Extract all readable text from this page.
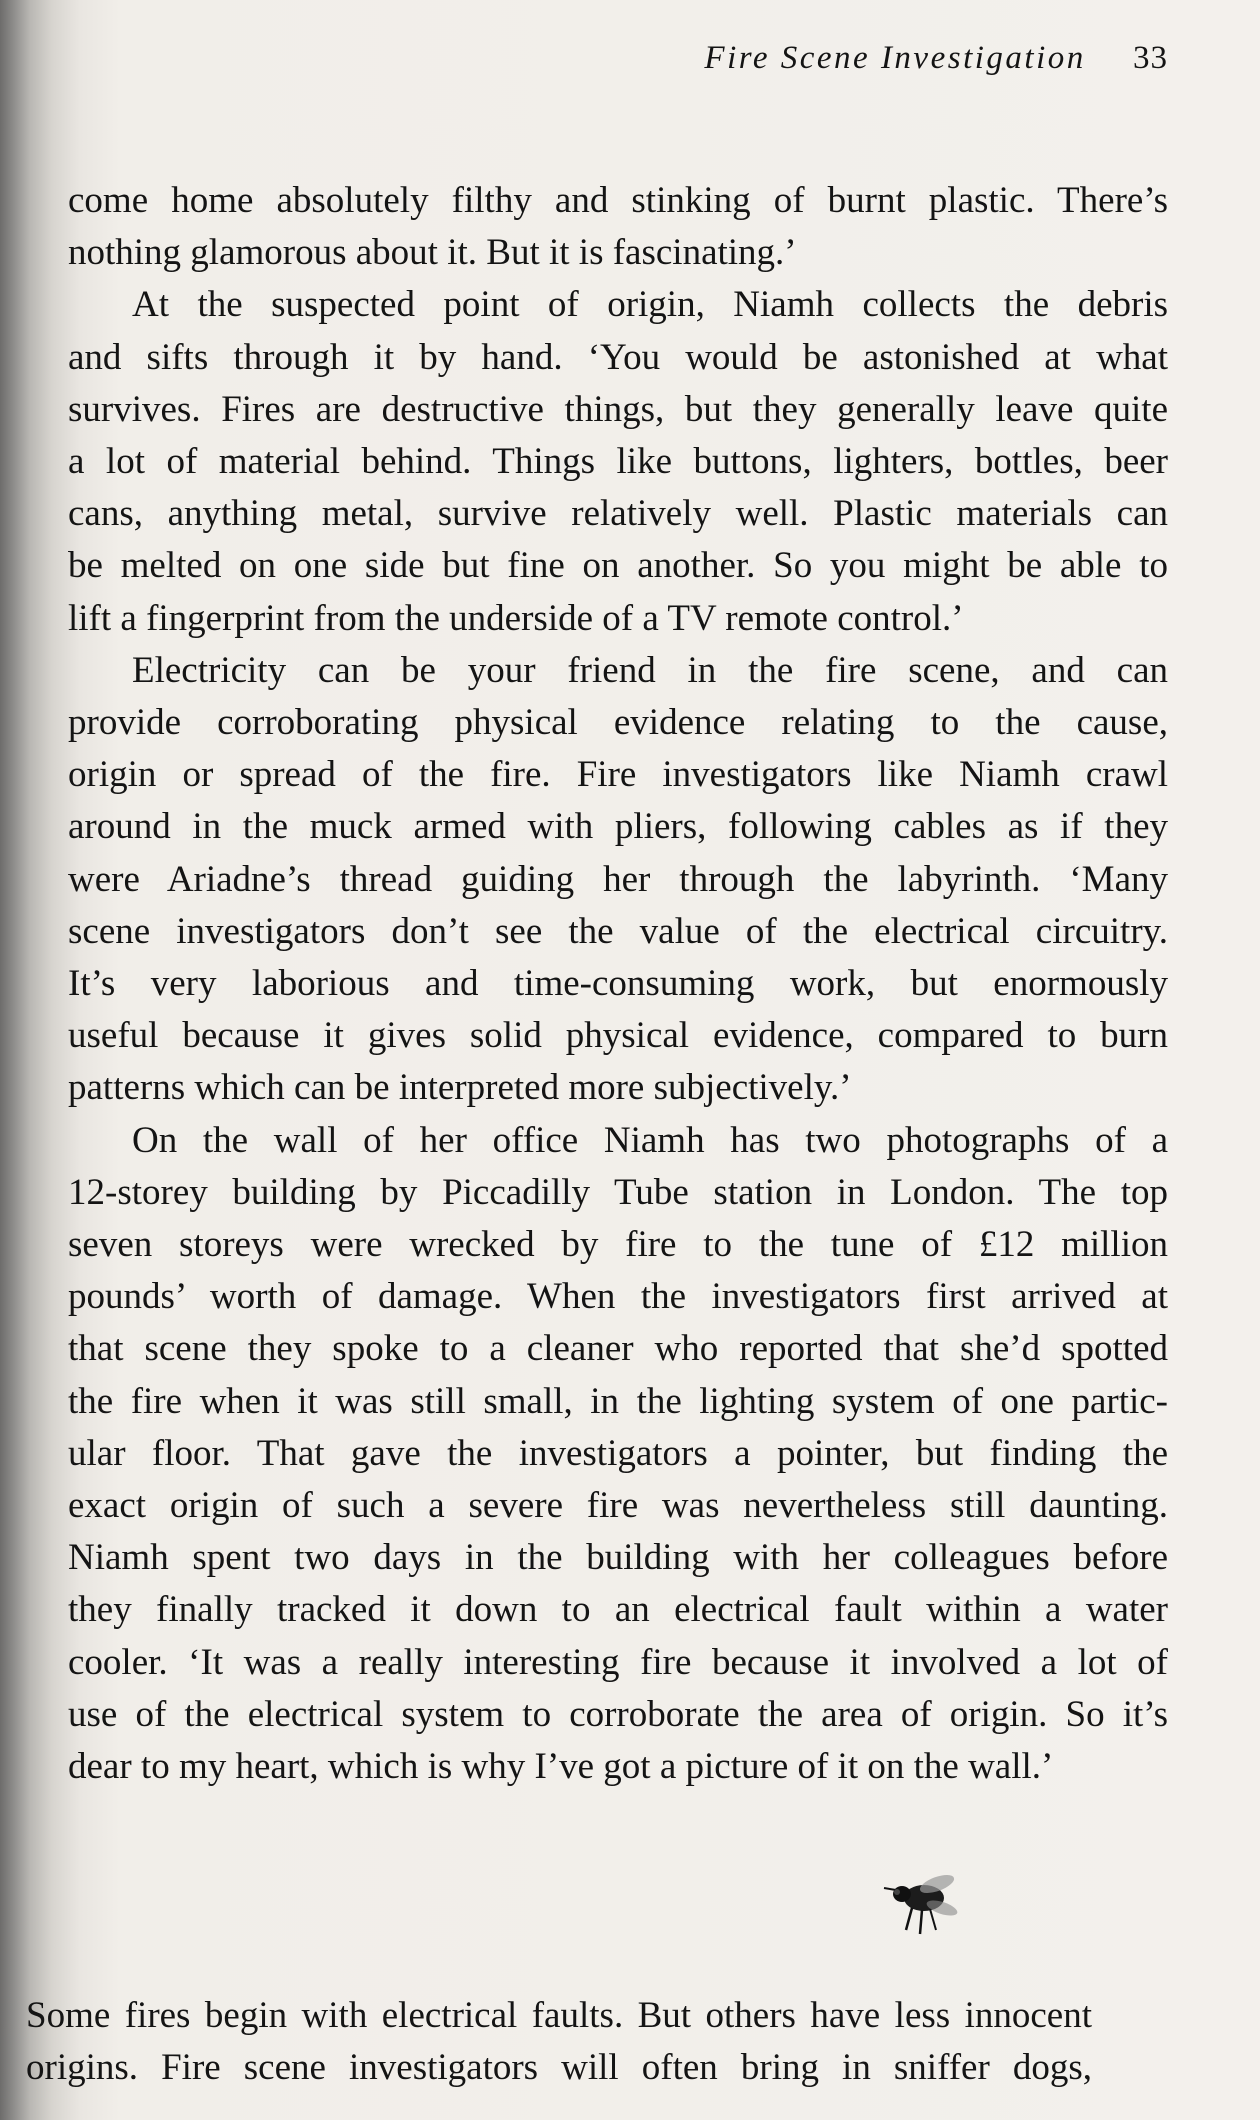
Fire Scene Investigation 33

come home absolutely filthy and stinking of burnt plastic. There’s
nothing glamorous about it. But it is fascinating.’

At the suspected point of origin, Niamh collects the debris
and sifts through it by hand. ‘You would be astonished at what
survives. Fires are destructive things, but they generally leave quite
a lot of material behind. Things like buttons, lighters, bottles, beer
cans, anything metal, survive relatively well. Plastic materials can
be melted on one side but fine on another. So you might be able to
lift a fingerprint from the underside of a TV remote control.’

Electricity can be your friend in the fire scene, and can
provide corroborating physical evidence relating to the cause,
origin or spread of the fire. Fire investigators like Niamh crawl
around in the muck armed with pliers, following cables as if they
were Ariadne’s thread guiding her through the labyrinth. ‘Many
scene investigators don’t see the value of the electrical circuitry.
It’s very laborious and time-consuming work, but enormously
useful because it gives solid physical evidence, compared to burn
patterns which can be interpreted more subjectively.’

On the wall of her office Niamh has two photographs of a
12-storey building by Piccadilly Tube station in London. The top
seven storeys were wrecked by fire to the tune of £12 million
pounds’ worth of damage. When the investigators first arrived at
that scene they spoke to a cleaner who reported that she’d spotted
the fire when it was still small, in the lighting system of one partic-
ular floor. That gave the investigators a pointer, but finding the
exact origin of such a severe fire was nevertheless still daunting.
Niamh spent two days in the building with her colleagues before
they finally tracked it down to an electrical fault within a water
cooler. ‘It was a really interesting fire because it involved a lot of
use of the electrical system to corroborate the area of origin. So it’s
dear to my heart, which is why I’ve got a picture of it on the wall.’

Some fires begin with electrical faults. But others have less innocent
origins. Fire scene investigators will often bring in sniffer dogs,
